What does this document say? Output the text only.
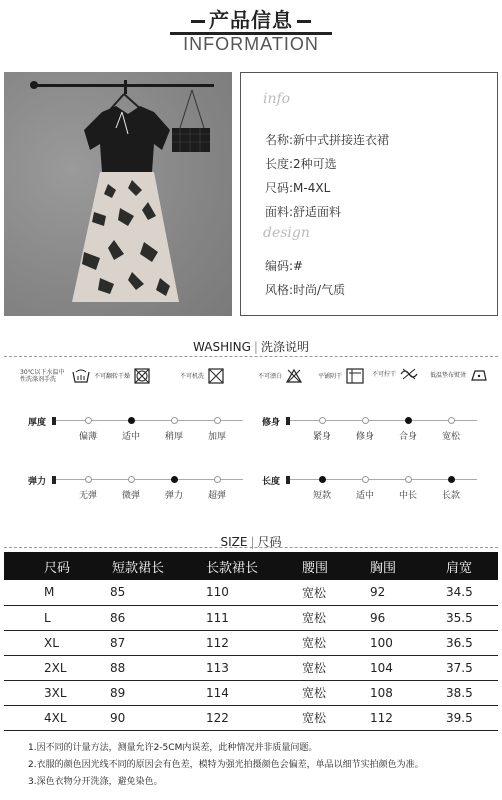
产品信息
INFORMATION
info
名称:新中式拼接连衣裙
长度:2种可选
尺码:M-4XL
面料:舒适面料
design
编码:#
风格:时尚/气质
WASHING | 洗涤说明
30℃以下水温中性洗涤剂手洗	不可翻转干燥	不可机洗	不可漂白	平铺阴干	不可拧干	低温垫布熨烫
厚度
偏薄	适中	稍厚	加厚
修身
紧身	修身	合身	宽松
弹力
无弹	微弹	弹力	超弹
长度
短款	适中	中长	长款
SIZE | 尺码
尺码	短款裙长	长款裙长	腰围	胸围	肩宽
M	85	110	宽松	92	34.5
L	86	111	宽松	96	35.5
XL	87	112	宽松	100	36.5
2XL	88	113	宽松	104	37.5
3XL	89	114	宽松	108	38.5
4XL	90	122	宽松	112	39.5
1.因不同的计量方法，测量允许2-5CM内误差，此种情况并非质量问题。
2.衣服的颜色因光线不同的原因会有色差，模特为强光拍摄颜色会偏差，单品以细节实拍颜色为准。
3.深色衣物分开洗涤，避免染色。
